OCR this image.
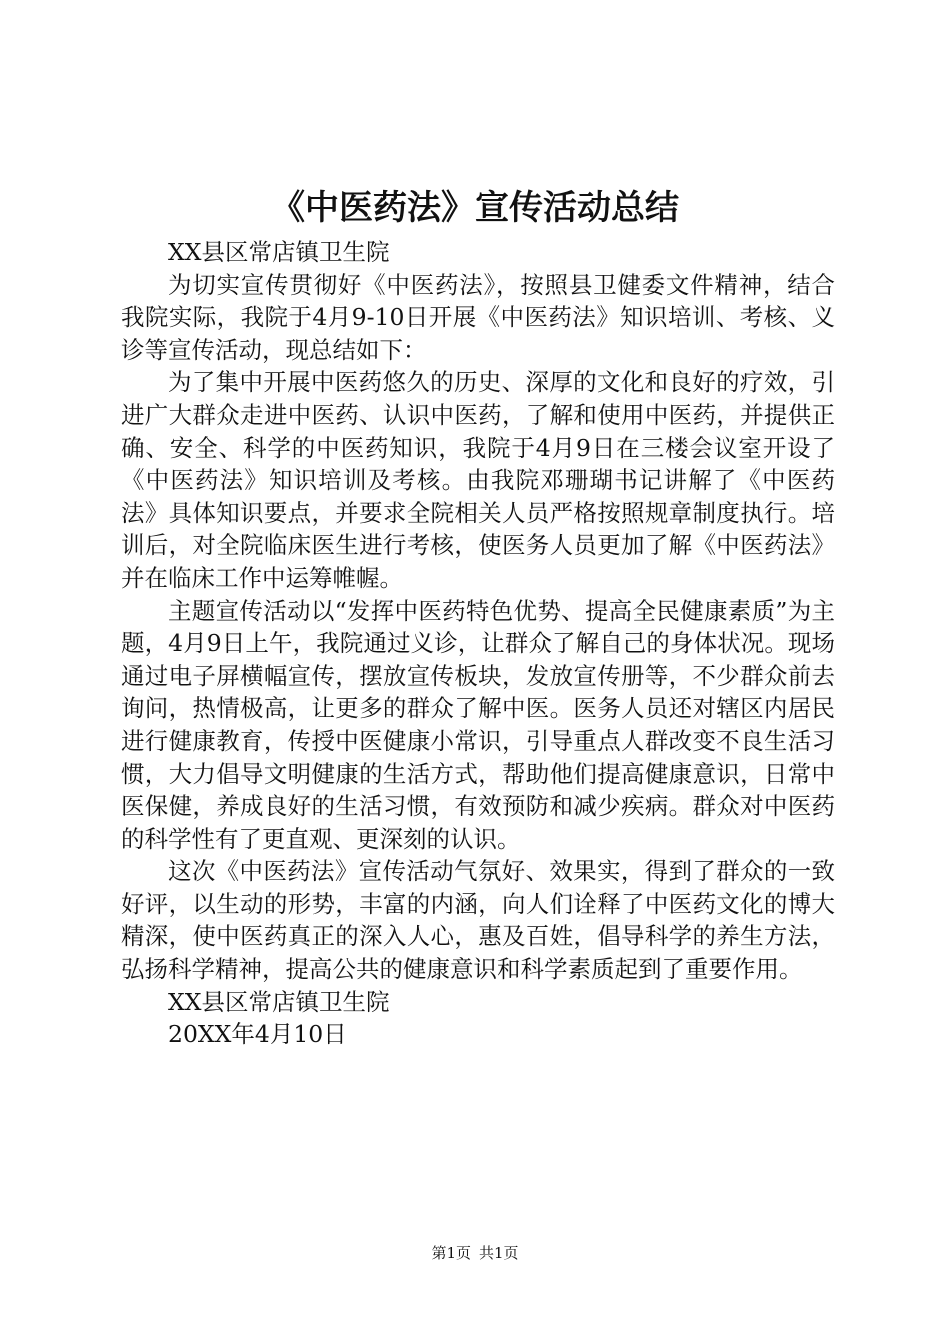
《中医药法》宣传活动总结

XX县区常店镇卫生院

为切实宣传贯彻好《中医药法》，按照县卫健委文件精神，结合我院实际，我院于4月9-10日开展《中医药法》知识培训、考核、义诊等宣传活动，现总结如下：

为了集中开展中医药悠久的历史、深厚的文化和良好的疗效，引进广大群众走进中医药、认识中医药，了解和使用中医药，并提供正确、安全、科学的中医药知识，我院于4月9日在三楼会议室开设了《中医药法》知识培训及考核。由我院邓珊瑚书记讲解了《中医药法》具体知识要点，并要求全院相关人员严格按照规章制度执行。培训后，对全院临床医生进行考核，使医务人员更加了解《中医药法》并在临床工作中运筹帷幄。

主题宣传活动以“发挥中医药特色优势、提高全民健康素质”为主题，4月9日上午，我院通过义诊，让群众了解自己的身体状况。现场通过电子屏横幅宣传，摆放宣传板块，发放宣传册等，不少群众前去询问，热情极高，让更多的群众了解中医。医务人员还对辖区内居民进行健康教育，传授中医健康小常识，引导重点人群改变不良生活习惯，大力倡导文明健康的生活方式，帮助他们提高健康意识，日常中医保健，养成良好的生活习惯，有效预防和减少疾病。群众对中医药的科学性有了更直观、更深刻的认识。

这次《中医药法》宣传活动气氛好、效果实，得到了群众的一致好评，以生动的形势，丰富的内涵，向人们诠释了中医药文化的博大精深，使中医药真正的深入人心，惠及百姓，倡导科学的养生方法，弘扬科学精神，提高公共的健康意识和科学素质起到了重要作用。

XX县区常店镇卫生院

20XX年4月10日

第1页 共1页
